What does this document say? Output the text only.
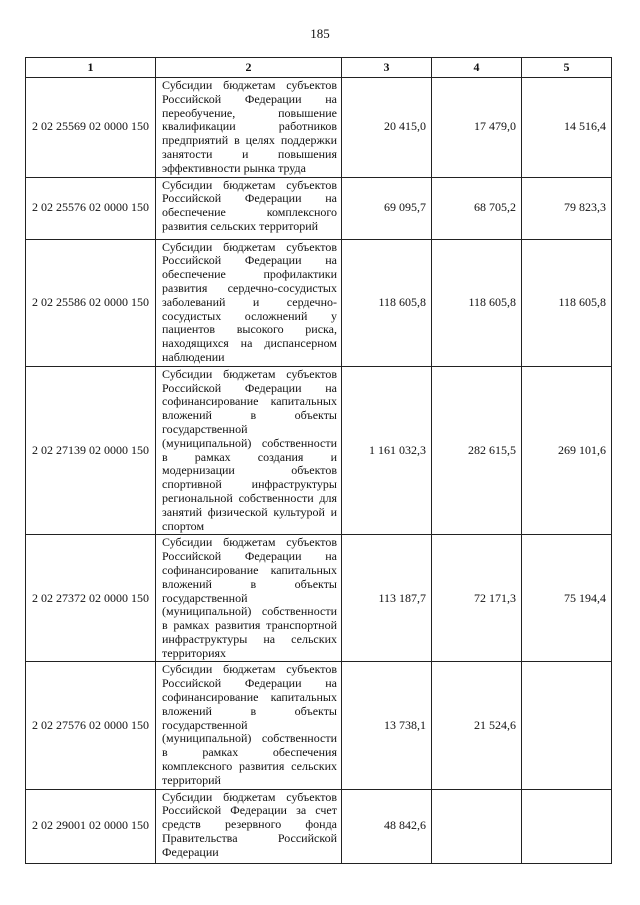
185
1	2	3	4	5
2 02 25569 02 0000 150	Субсидии бюджетам субъектов Российской Федерации на переобучение, повышение квалификации работников предприятий в целях поддержки занятости и повышения эффективности рынка труда	20 415,0	17 479,0	14 516,4
2 02 25576 02 0000 150	Субсидии бюджетам субъектов Российской Федерации на обеспечение комплексного развития сельских территорий	69 095,7	68 705,2	79 823,3
2 02 25586 02 0000 150	Субсидии бюджетам субъектов Российской Федерации на обеспечение профилактики развития сердечно-сосудистых заболеваний и сердечно-сосудистых осложнений у пациентов высокого риска, находящихся на диспансерном наблюдении	118 605,8	118 605,8	118 605,8
2 02 27139 02 0000 150	Субсидии бюджетам субъектов Российской Федерации на софинансирование капитальных вложений в объекты государственной (муниципальной) собственности в рамках создания и модернизации объектов спортивной инфраструктуры региональной собственности для занятий физической культурой и спортом	1 161 032,3	282 615,5	269 101,6
2 02 27372 02 0000 150	Субсидии бюджетам субъектов Российской Федерации на софинансирование капитальных вложений в объекты государственной (муниципальной) собственности в рамках развития транспортной инфраструктуры на сельских территориях	113 187,7	72 171,3	75 194,4
2 02 27576 02 0000 150	Субсидии бюджетам субъектов Российской Федерации на софинансирование капитальных вложений в объекты государственной (муниципальной) собственности в рамках обеспечения комплексного развития сельских территорий	13 738,1	21 524,6	
2 02 29001 02 0000 150	Субсидии бюджетам субъектов Российской Федерации за счет средств резервного фонда Правительства Российской Федерации	48 842,6		
